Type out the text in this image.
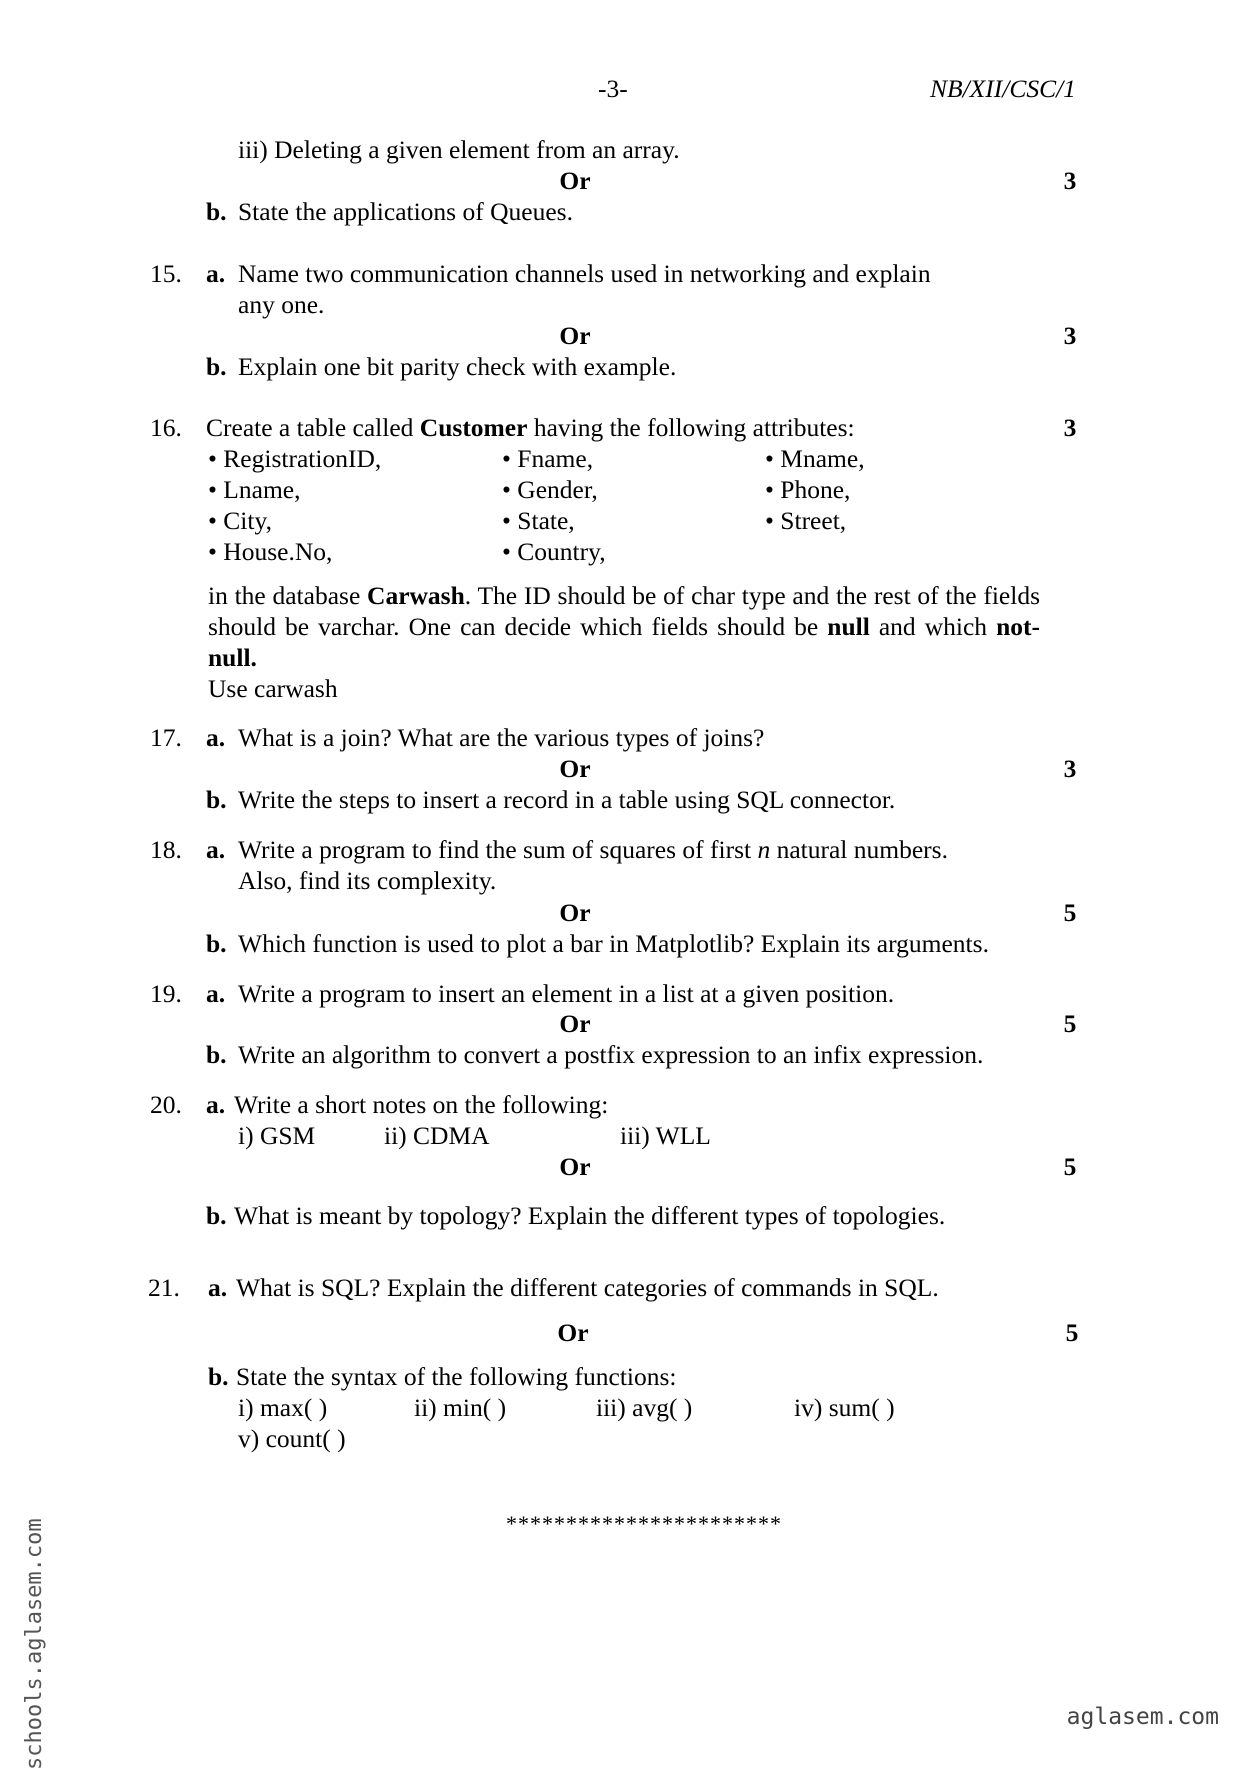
-3-	NB/XII/CSC/1
iii) Deleting a given element from an array.
Or	3
b. State the applications of Queues.
15. a. Name two communication channels used in networking and explain
any one.
Or	3
b. Explain one bit parity check with example.
16. Create a table called Customer having the following attributes:	3
• RegistrationID,	• Fname,	• Mname,
• Lname,	• Gender,	• Phone,
• City,	• State,	• Street,
• House.No,	• Country,

in the database Carwash. The ID should be of char type and the rest of the fields should be varchar. One can decide which fields should be null and which not-null.

Use carwash

17. a. What is a join? What are the various types of joins?
Or	3
b. Write the steps to insert a record in a table using SQL connector.
18. a. Write a program to find the sum of squares of first n natural numbers.
Also, find its complexity.
Or	5
b. Which function is used to plot a bar in Matplotlib? Explain its arguments.
19. a. Write a program to insert an element in a list at a given position.
Or	5
b. Write an algorithm to convert a postfix expression to an infix expression.
20. a. Write a short notes on the following:
i) GSM	ii) CDMA	iii) WLL
Or	5
b. What is meant by topology? Explain the different types of topologies.
21. a. What is SQL? Explain the different categories of commands in SQL.
Or	5
b. State the syntax of the following functions:
i) max( )	ii) min( )	iii) avg( )	iv) sum( )
v) count( )
***********************
schools.aglasem.com	aglasem.com
